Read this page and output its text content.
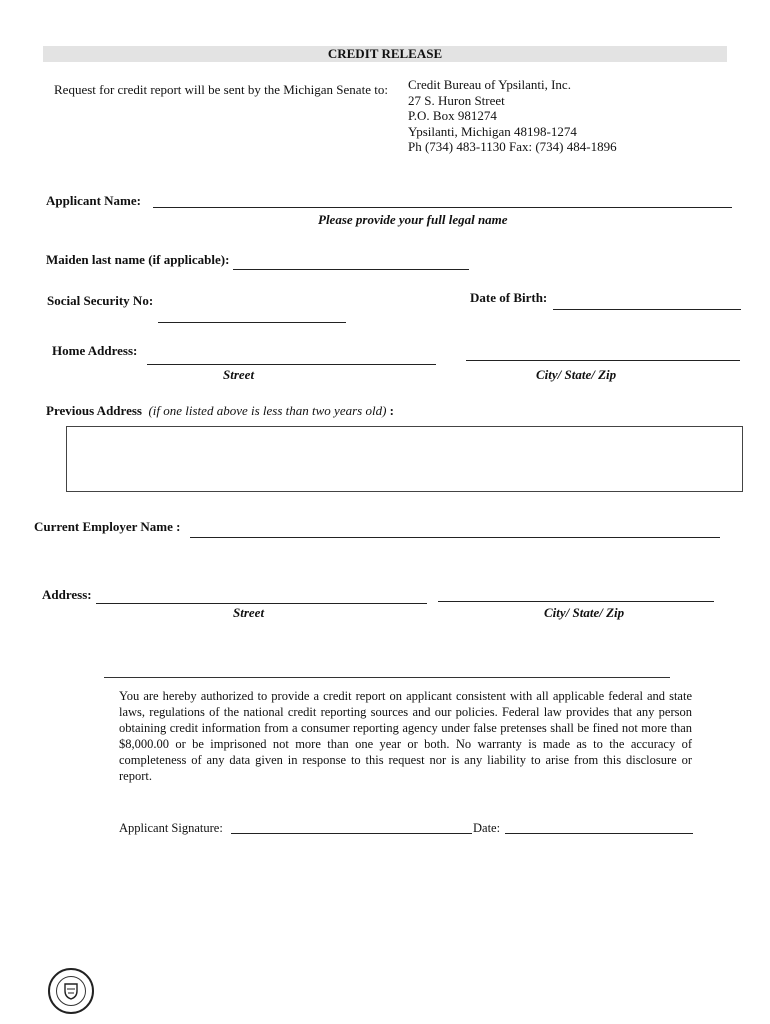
CREDIT RELEASE
Request for credit report will be sent by the Michigan Senate to: Credit Bureau of Ypsilanti, Inc.
27 S. Huron Street
P.O. Box 981274
Ypsilanti, Michigan 48198-1274
Ph (734) 483-1130 Fax: (734) 484-1896
Applicant Name:
Please provide your full legal name
Maiden last name (if applicable):
Social Security No:	Date of Birth:
Home Address:
Street	City/ State/ Zip
Previous Address (if one listed above is less than two years old) :
Current Employer Name :
Address:
Street	City/ State/ Zip
You are hereby authorized to provide a credit report on applicant consistent with all applicable federal and state laws, regulations of the national credit reporting sources and our policies. Federal law provides that any person obtaining credit information from a consumer reporting agency under false pretenses shall be fined not more than $8,000.00 or be imprisoned not more than one year or both. No warranty is made as to the accuracy of completeness of any data given in response to this request nor is any liability to arise from this disclosure or report.
Applicant Signature:	Date:
